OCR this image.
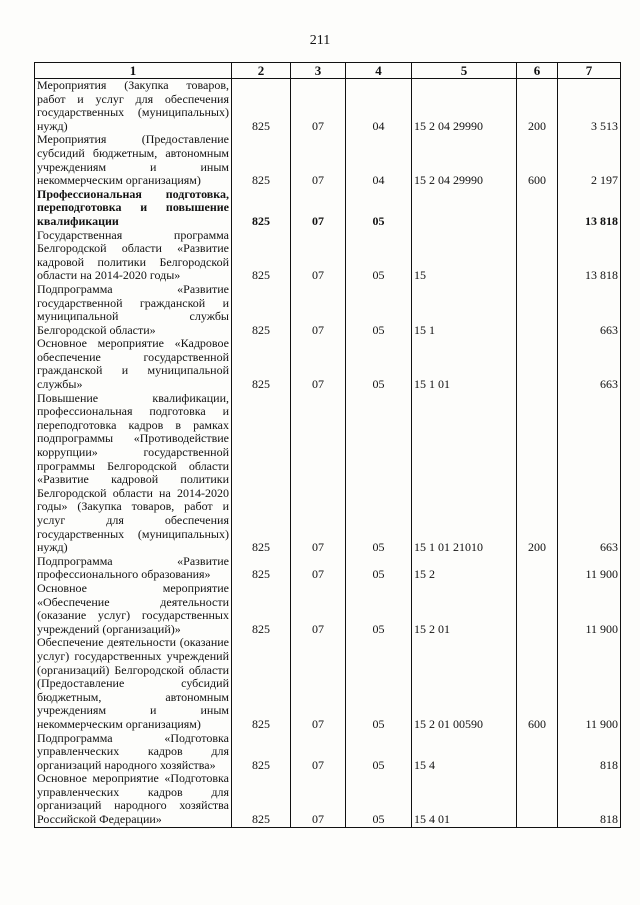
211
1	2	3	4	5	6	7
Мероприятия (Закупка товаров, работ и услуг для обеспечения государственных (муниципальных) нужд)	825	07	04	15 2 04 29990	200	3 513
Мероприятия (Предоставление субсидий бюджетным, автономным учреждениям и иным некоммерческим организациям)	825	07	04	15 2 04 29990	600	2 197
Профессиональная подготовка, переподготовка и повышение квалификации	825	07	05			13 818
Государственная программа Белгородской области «Развитие кадровой политики Белгородской области на 2014-2020 годы»	825	07	05	15		13 818
Подпрограмма «Развитие государственной гражданской и муниципальной службы Белгородской области»	825	07	05	15 1		663
Основное мероприятие «Кадровое обеспечение государственной гражданской и муниципальной службы»	825	07	05	15 1 01		663
Повышение квалификации, профессиональная подготовка и переподготовка кадров в рамках подпрограммы «Противодействие коррупции» государственной программы Белгородской области «Развитие кадровой политики Белгородской области на 2014-2020 годы» (Закупка товаров, работ и услуг для обеспечения государственных (муниципальных) нужд)	825	07	05	15 1 01 21010	200	663
Подпрограмма «Развитие профессионального образования»	825	07	05	15 2		11 900
Основное мероприятие «Обеспечение деятельности (оказание услуг) государственных учреждений (организаций)»	825	07	05	15 2 01		11 900
Обеспечение деятельности (оказание услуг) государственных учреждений (организаций) Белгородской области (Предоставление субсидий бюджетным, автономным учреждениям и иным некоммерческим организациям)	825	07	05	15 2 01 00590	600	11 900
Подпрограмма «Подготовка управленческих кадров для организаций народного хозяйства»	825	07	05	15 4		818
Основное мероприятие «Подготовка управленческих кадров для организаций народного хозяйства Российской Федерации»	825	07	05	15 4 01		818
